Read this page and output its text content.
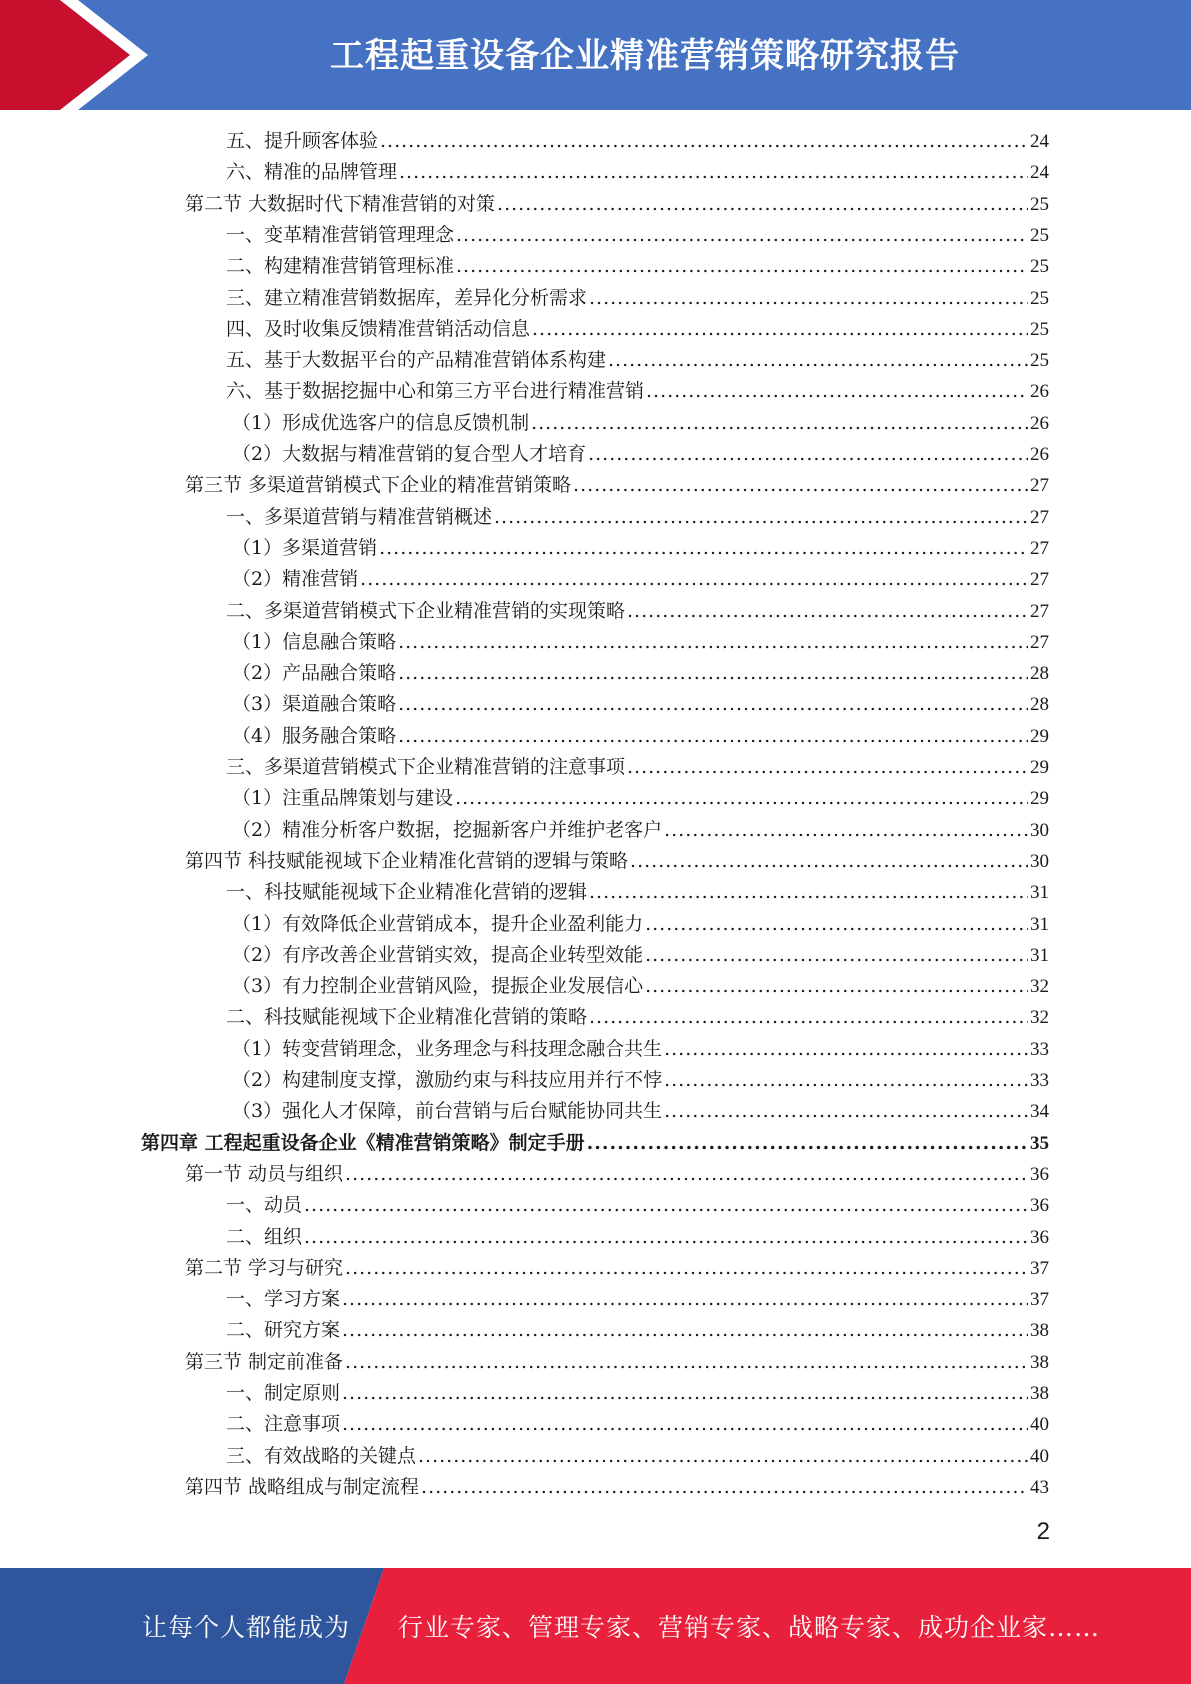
工程起重设备企业精准营销策略研究报告
五、提升顾客体验 .....	24
六、精准的品牌管理 .....	24
第二节 大数据时代下精准营销的对策 .....	25
一、变革精准营销管理理念 .....	25
二、构建精准营销管理标准 .....	25
三、建立精准营销数据库，差异化分析需求 .....	25
四、及时收集反馈精准营销活动信息 .....	25
五、基于大数据平台的产品精准营销体系构建 .....	25
六、基于数据挖掘中心和第三方平台进行精准营销 .....	26
（1）形成优选客户的信息反馈机制 .....	26
（2）大数据与精准营销的复合型人才培育 .....	26
第三节 多渠道营销模式下企业的精准营销策略 .....	27
一、多渠道营销与精准营销概述 .....	27
（1）多渠道营销 .....	27
（2）精准营销 .....	27
二、多渠道营销模式下企业精准营销的实现策略 .....	27
（1）信息融合策略 .....	27
（2）产品融合策略 .....	28
（3）渠道融合策略 .....	28
（4）服务融合策略 .....	29
三、多渠道营销模式下企业精准营销的注意事项 .....	29
（1）注重品牌策划与建设 .....	29
（2）精准分析客户数据，挖掘新客户并维护老客户 .....	30
第四节 科技赋能视域下企业精准化营销的逻辑与策略 .....	30
一、科技赋能视域下企业精准化营销的逻辑 .....	31
（1）有效降低企业营销成本，提升企业盈利能力 .....	31
（2）有序改善企业营销实效，提高企业转型效能 .....	31
（3）有力控制企业营销风险，提振企业发展信心 .....	32
二、科技赋能视域下企业精准化营销的策略 .....	32
（1）转变营销理念，业务理念与科技理念融合共生 .....	33
（2）构建制度支撑，激励约束与科技应用并行不悖 .....	33
（3）强化人才保障，前台营销与后台赋能协同共生 .....	34
第四章 工程起重设备企业《精准营销策略》制定手册 .....	35
第一节 动员与组织 .....	36
一、动员 .....	36
二、组织 .....	36
第二节 学习与研究 .....	37
一、学习方案 .....	37
二、研究方案 .....	38
第三节 制定前准备 .....	38
一、制定原则 .....	38
二、注意事项 .....	40
三、有效战略的关键点 .....	40
第四节 战略组成与制定流程 .....	43
2
让每个人都能成为 行业专家、管理专家、营销专家、战略专家、成功企业家……
